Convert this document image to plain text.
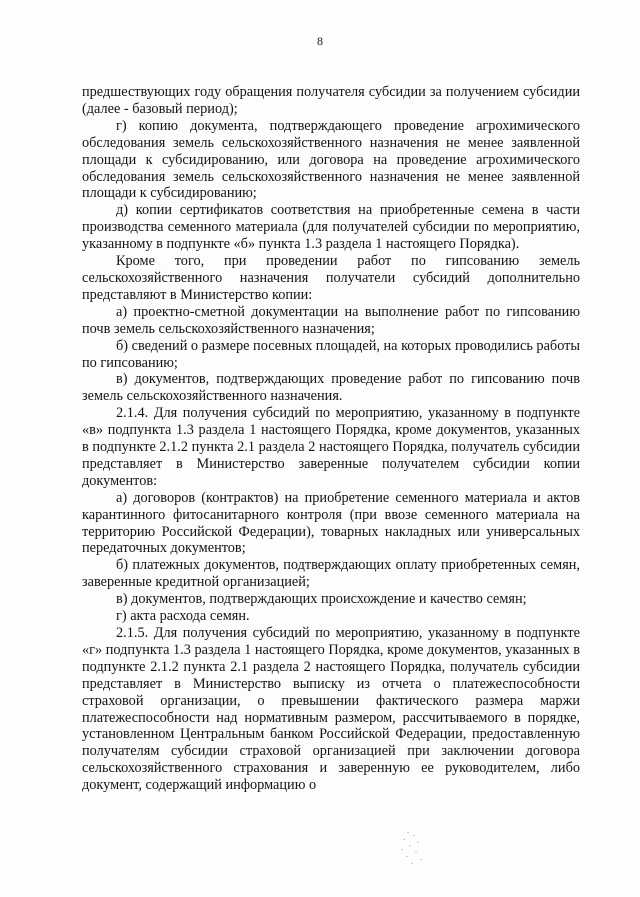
8

предшествующих году обращения получателя субсидии за получением субсидии (далее - базовый период);

г) копию документа, подтверждающего проведение агрохимического обследования земель сельскохозяйственного назначения не менее заявленной площади к субсидированию, или договора на проведение агрохимического обследования земель сельскохозяйственного назначения не менее заявленной площади к субсидированию;

д) копии сертификатов соответствия на приобретенные семена в части производства семенного материала (для получателей субсидии по мероприятию, указанному в подпункте «б» пункта 1.3 раздела 1 настоящего Порядка).

Кроме того, при проведении работ по гипсованию земель сельскохозяйственного назначения получатели субсидий дополнительно представляют в Министерство копии:

а) проектно-сметной документации на выполнение работ по гипсованию почв земель сельскохозяйственного назначения;

б) сведений о размере посевных площадей, на которых проводились работы по гипсованию;

в) документов, подтверждающих проведение работ по гипсованию почв земель сельскохозяйственного назначения.

2.1.4. Для получения субсидий по мероприятию, указанному в подпункте «в» подпункта 1.3 раздела 1 настоящего Порядка, кроме документов, указанных в подпункте 2.1.2 пункта 2.1 раздела 2 настоящего Порядка, получатель субсидии представляет в Министерство заверенные получателем субсидии копии документов:

а) договоров (контрактов) на приобретение семенного материала и актов карантинного фитосанитарного контроля (при ввозе семенного материала на территорию Российской Федерации), товарных накладных или универсальных передаточных документов;

б) платежных документов, подтверждающих оплату приобретенных семян, заверенные кредитной организацией;

в) документов, подтверждающих происхождение и качество семян;

г) акта расхода семян.

2.1.5. Для получения субсидий по мероприятию, указанному в подпункте «г» подпункта 1.3 раздела 1 настоящего Порядка, кроме документов, указанных в подпункте 2.1.2 пункта 2.1 раздела 2 настоящего Порядка, получатель субсидии представляет в Министерство выписку из отчета о платежеспособности страховой организации, о превышении фактического размера маржи платежеспособности над нормативным размером, рассчитываемого в порядке, установленном Центральным банком Российской Федерации, предоставленную получателям субсидии страховой организацией при заключении договора сельскохозяйственного страхования и заверенную ее руководителем, либо документ, содержащий информацию о
